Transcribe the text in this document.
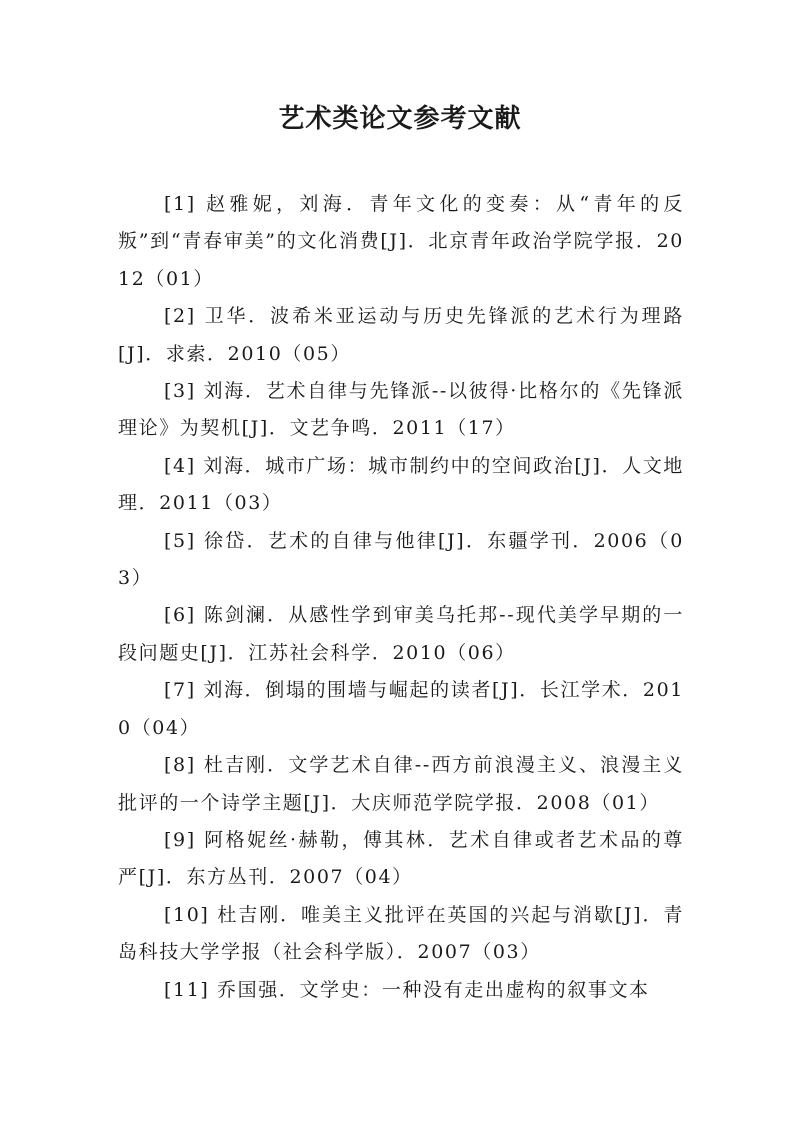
艺术类论文参考文献

[1] 赵雅妮，刘海．青年文化的变奏：从“青年的反叛”到“青春审美”的文化消费[J]．北京青年政治学院学报．2012（01）

[2] 卫华．波希米亚运动与历史先锋派的艺术行为理路[J]．求索．2010（05）

[3] 刘海．艺术自律与先锋派--以彼得·比格尔的《先锋派理论》为契机[J]．文艺争鸣．2011（17）

[4] 刘海．城市广场：城市制约中的空间政治[J]．人文地理．2011（03）

[5] 徐岱．艺术的自律与他律[J]．东疆学刊．2006（03）

[6] 陈剑澜．从感性学到审美乌托邦--现代美学早期的一段问题史[J]．江苏社会科学．2010（06）

[7] 刘海．倒塌的围墙与崛起的读者[J]．长江学术．2010（04）

[8] 杜吉刚．文学艺术自律--西方前浪漫主义、浪漫主义批评的一个诗学主题[J]．大庆师范学院学报．2008（01）

[9] 阿格妮丝·赫勒，傅其林．艺术自律或者艺术品的尊严[J]．东方丛刊．2007（04）

[10] 杜吉刚．唯美主义批评在英国的兴起与消歇[J]．青岛科技大学学报（社会科学版）．2007（03）

[11] 乔国强．文学史：一种没有走出虚构的叙事文本
